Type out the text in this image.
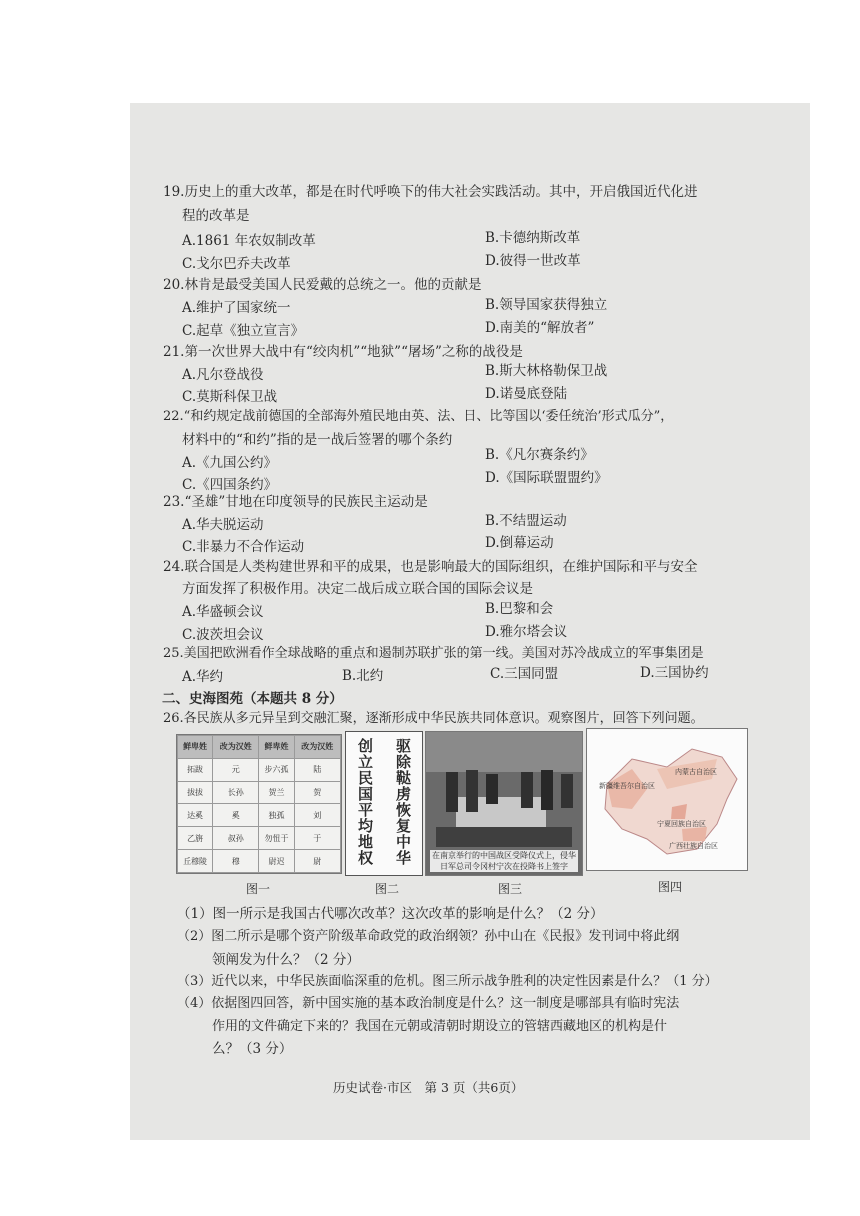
19.历史上的重大改革，都是在时代呼唤下的伟大社会实践活动。其中，开启俄国近代化进
程的改革是
A.1861 年农奴制改革	B.卡德纳斯改革
C.戈尔巴乔夫改革	D.彼得一世改革
20.林肯是最受美国人民爱戴的总统之一。他的贡献是
A.维护了国家统一	B.领导国家获得独立
C.起草《独立宣言》	D.南美的“解放者”
21.第一次世界大战中有“绞肉机”“地狱”“屠场”之称的战役是
A.凡尔登战役	B.斯大林格勒保卫战
C.莫斯科保卫战	D.诺曼底登陆
22.“和约规定战前德国的全部海外殖民地由英、法、日、比等国以‘委任统治’形式瓜分”，
材料中的“和约”指的是一战后签署的哪个条约
A.《九国公约》	B.《凡尔赛条约》
C.《四国条约》	D.《国际联盟盟约》
23.“圣雄”甘地在印度领导的民族民主运动是
A.华夫脱运动	B.不结盟运动
C.非暴力不合作运动	D.倒幕运动
24.联合国是人类构建世界和平的成果，也是影响最大的国际组织，在维护国际和平与安全
方面发挥了积极作用。决定二战后成立联合国的国际会议是
A.华盛顿会议	B.巴黎和会
C.波茨坦会议	D.雅尔塔会议
25.美国把欧洲看作全球战略的重点和遏制苏联扩张的第一线。美国对苏冷战成立的军事集团是
A.华约	B.北约	C.三国同盟	D.三国协约
二、史海图苑（本题共 8 分）
26.各民族从多元异呈到交融汇聚，逐渐形成中华民族共同体意识。观察图片，回答下列问题。
鲜卑姓	改为汉姓	鲜卑姓	改为汉姓
拓跋	元	步六孤	陆
拔拔	长孙	贺兰	贺
达奚	奚	独孤	刘
乙旃	叔孙	勿忸于	于
丘穆陵	穆	尉迟	尉
图一
创立民国平均地权 驱除鞑虏恢复中华
图二
在南京举行的中国战区受降仪式上，侵华日军总司令冈村宁次在投降书上签字
图三
新疆维吾尔自治区
内蒙古自治区
宁夏回族自治区
广西壮族自治区
图四
（1）图一所示是我国古代哪次改革？这次改革的影响是什么？（2 分）
（2）图二所示是哪个资产阶级革命政党的政治纲领？孙中山在《民报》发刊词中将此纲
领阐发为什么？（2 分）
（3）近代以来，中华民族面临深重的危机。图三所示战争胜利的决定性因素是什么？（1 分）
（4）依据图四回答，新中国实施的基本政治制度是什么？这一制度是哪部具有临时宪法
作用的文件确定下来的？我国在元朝或清朝时期设立的管辖西藏地区的机构是什
么？（3 分）
历史试卷·市区　第 3 页（共6页）
